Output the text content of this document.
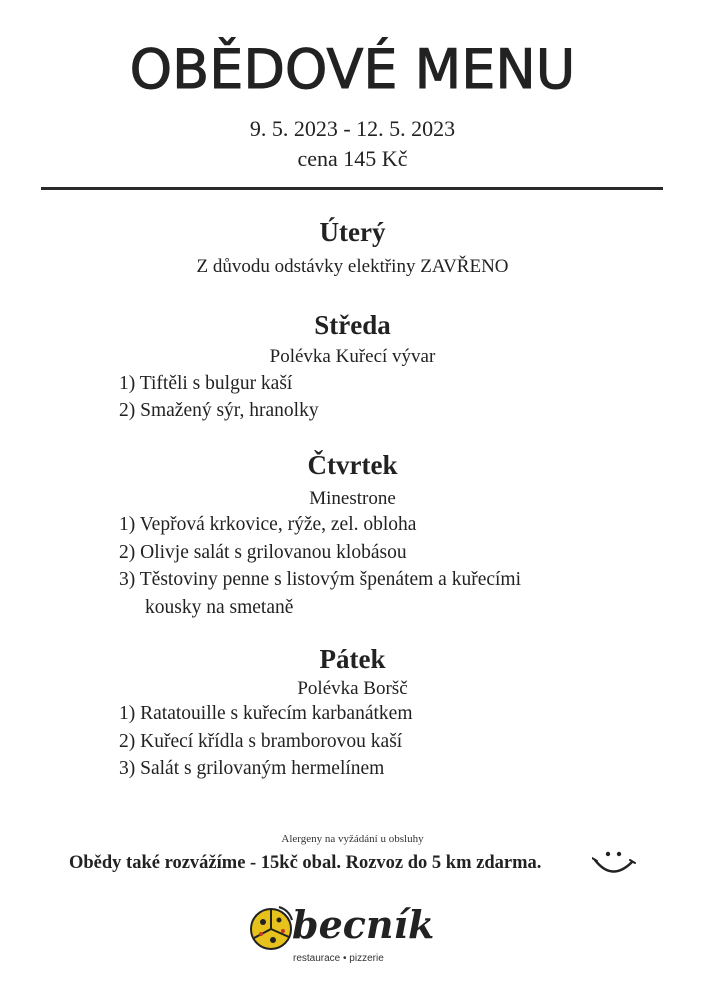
OBĚDOVÉ MENU
9. 5. 2023 - 12. 5. 2023
cena 145 Kč
Úterý
Z důvodu odstávky elektřiny ZAVŘENO
Středa
Polévka Kuřecí vývar
1) Tiftěli s bulgur kaší
2) Smažený sýr, hranolky
Čtvrtek
Minestrone
1) Vepřová krkovice, rýže, zel. obloha
2) Olivje salát s grilovanou klobásou
3) Těstoviny penne s listovým špenátem a kuřecími
kousky na smetaně
Pátek
Polévka Boršč
1) Ratatouille s kuřecím karbanátkem
2) Kuřecí křídla s bramborovou kaší
3) Salát s grilovaným hermelínem
Alergeny na vyžádání u obsluhy
Obědy také rozvážíme - 15kč obal. Rozvoz do 5 km zdarma.
becník
restaurace • pizzerie
